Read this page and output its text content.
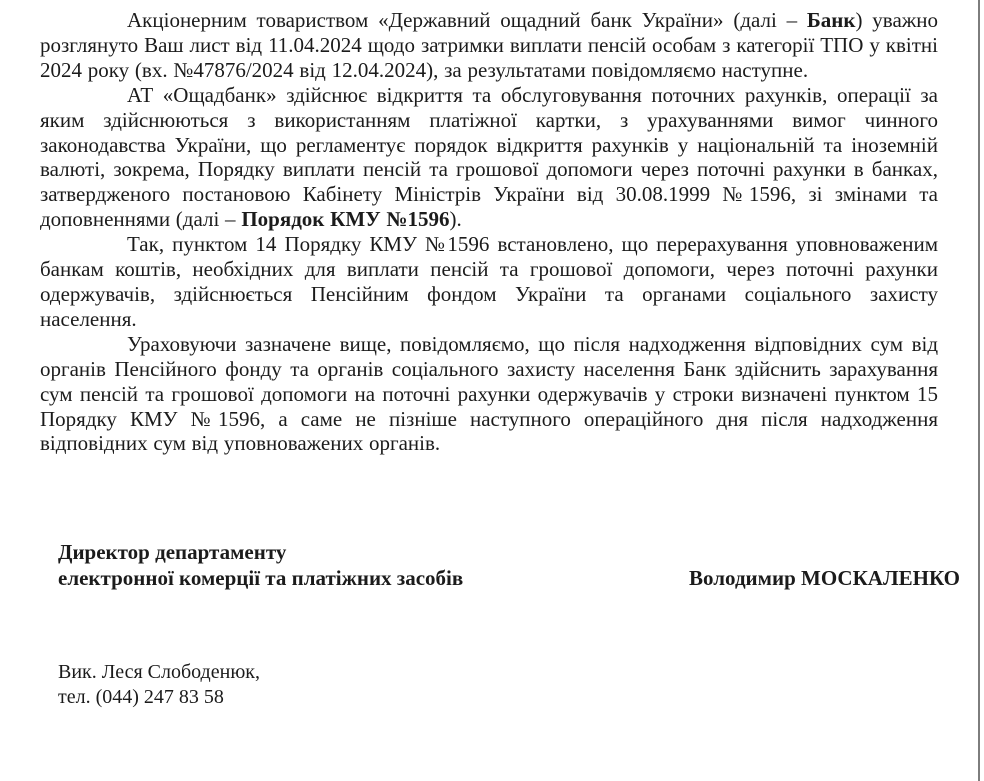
Акціонерним товариством «Державний ощадний банк України» (далі – Банк) уважно розглянуто Ваш лист від 11.04.2024 щодо затримки виплати пенсій особам з категорії ТПО у квітні 2024 року (вх. №47876/2024 від 12.04.2024), за результатами повідомляємо наступне.

АТ «Ощадбанк» здійснює відкриття та обслуговування поточних рахунків, операції за яким здійснюються з використанням платіжної картки, з урахуваннями вимог чинного законодавства України, що регламентує порядок відкриття рахунків у національній та іноземній валюті, зокрема, Порядку виплати пенсій та грошової допомоги через поточні рахунки в банках, затвердженого постановою Кабінету Міністрів України від 30.08.1999 №1596, зі змінами та доповненнями (далі – Порядок КМУ №1596).

Так, пунктом 14 Порядку КМУ №1596 встановлено, що перерахування уповноваженим банкам коштів, необхідних для виплати пенсій та грошової допомоги, через поточні рахунки одержувачів, здійснюється Пенсійним фондом України та органами соціального захисту населення.

Ураховуючи зазначене вище, повідомляємо, що після надходження відповідних сум від органів Пенсійного фонду та органів соціального захисту населення Банк здійснить зарахування сум пенсій та грошової допомоги на поточні рахунки одержувачів у строки визначені пунктом 15 Порядку КМУ №1596, а саме не пізніше наступного операційного дня після надходження відповідних сум від уповноважених органів.

Директор департаменту
електронної комерції та платіжних засобів	Володимир МОСКАЛЕНКО
Вик. Леся Слободенюк,
тел. (044) 247 83 58
